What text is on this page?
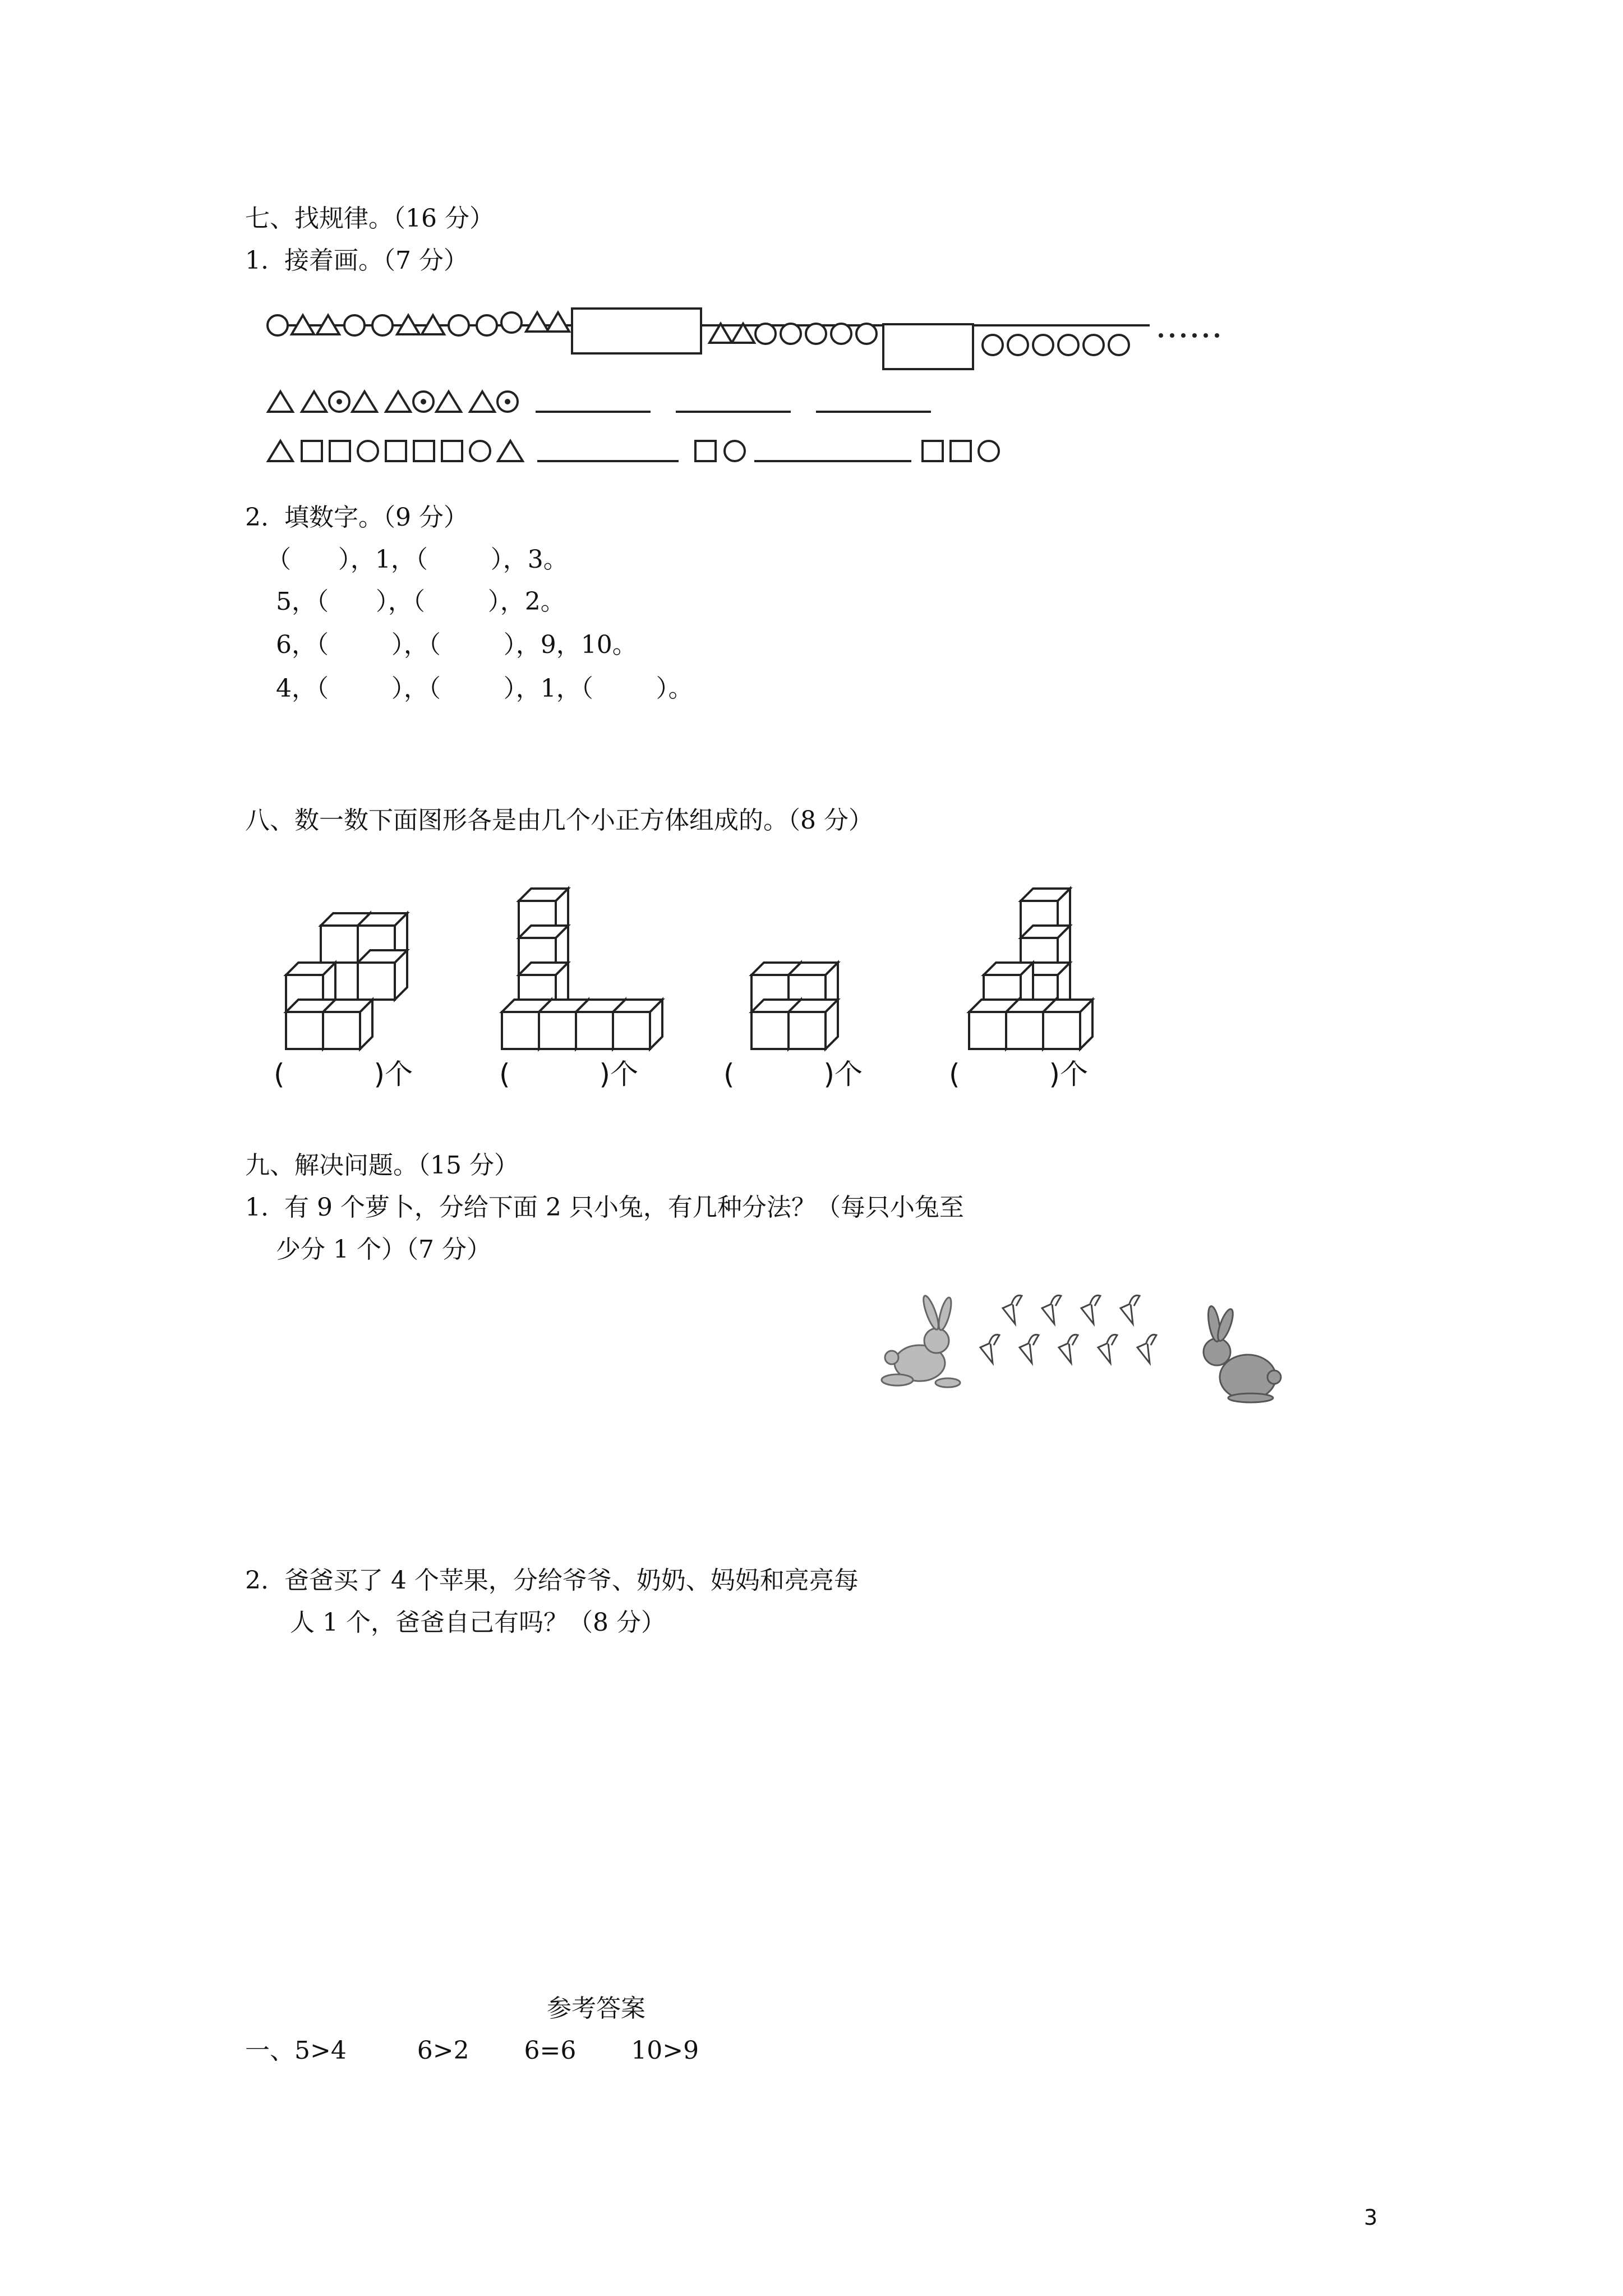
七、找规律。（16 分）
1.  接着画。（7 分）
2.  填数字。（9 分）
（      ），1，（        ），3。
5，（      ），（        ），2。
6，（        ），（        ），9，10。
4，（        ），（        ），1，（        ）。
八、数一数下面图形各是由几个小正方体组成的。（8 分）
(          )个	(          )个	(          )个	(          )个
九、解决问题。（15 分）
1.  有 9 个萝卜，分给下面 2 只小兔，有几种分法？（每只小兔至
少分 1 个）（7 分）
2.  爸爸买了 4 个苹果，分给爷爷、奶奶、妈妈和亮亮每
人 1 个，爸爸自己有吗？（8 分）
参考答案
一、5>4         6>2       6=6       10>9
3
